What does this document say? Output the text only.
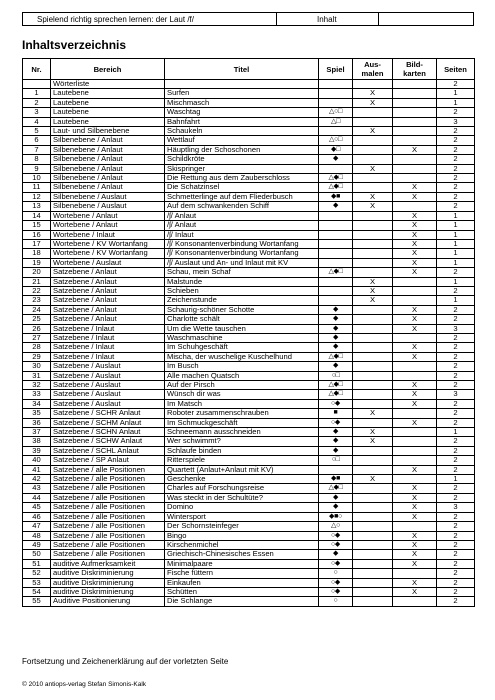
Spielend richtig sprechen lernen: der Laut /f/	Inhalt
Inhaltsverzeichnis
Nr.	Bereich	Titel	Spiel	Aus-
malen	Bild-
karten	Seiten
	Wörterliste					2
1	Lautebene	Surfen		X		1
2	Lautebene	Mischmasch		X		1
3	Lautebene	Waschtag	△○□			2
4	Lautebene	Bahnfahrt	△□			3
5	Laut- und Silbenebene	Schaukeln		X		2
6	Silbenebene / Anlaut	Wettlauf	△○□			2
7	Silbenebene / Anlaut	Häuptling der Schoschonen	◆□		X	2
8	Silbenebene / Anlaut	Schildkröte	◆			2
9	Silbenebene / Anlaut	Skispringer		X		2
10	Silbenebene / Anlaut	Die Rettung aus dem Zauberschloss	△◆□			2
11	Silbenebene / Anlaut	Die Schatzinsel	△◆□		X	2
12	Silbenebene / Auslaut	Schmetterlinge auf dem Fliederbusch	◆■	X	X	2
13	Silbenebene / Auslaut	Auf dem schwankenden Schiff	◆	X		2
14	Wortebene / Anlaut	/ʃ/ Anlaut			X	1
15	Wortebene / Anlaut	/ʃ/ Anlaut			X	1
16	Wortebene / Inlaut	/ʃ/ Inlaut			X	1
17	Wortebene / KV Wortanfang	/ʃ/ Konsonantenverbindung Wortanfang			X	1
18	Wortebene / KV Wortanfang	/ʃ/ Konsonantenverbindung Wortanfang			X	1
19	Wortebene / Auslaut	/ʃ/ Auslaut und An- und Inlaut mit KV			X	1
20	Satzebene / Anlaut	Schau, mein Schaf	△◆□		X	2
21	Satzebene / Anlaut	Malstunde		X		1
22	Satzebene / Anlaut	Schieben		X		2
23	Satzebene / Anlaut	Zeichenstunde		X		1
24	Satzebene / Anlaut	Schaurig-schöner Schotte	◆		X	2
25	Satzebene / Anlaut	Charlotte schält	◆		X	2
26	Satzebene / Inlaut	Um die Wette tauschen	◆		X	3
27	Satzebene / Inlaut	Waschmaschine	◆			2
28	Satzebene / Inlaut	Im Schuhgeschäft	◆		X	2
29	Satzebene / Inlaut	Mischa, der wuschelige Kuschelhund	△◆□		X	2
30	Satzebene / Auslaut	Im Busch	◆			2
31	Satzebene / Auslaut	Alle machen Quatsch	○□			2
32	Satzebene / Auslaut	Auf der Pirsch	△◆□		X	2
33	Satzebene / Auslaut	Wünsch dir was	△◆□		X	3
34	Satzebene / Auslaut	Im Matsch	○◆		X	2
35	Satzebene / SCHR Anlaut	Roboter zusammenschrauben	■	X		2
36	Satzebene / SCHM Anlaut	Im Schmuckgeschäft	○◆		X	2
37	Satzebene / SCHN Anlaut	Schneemann ausschneiden	◆	X		1
38	Satzebene / SCHW Anlaut	Wer schwimmt?	◆	X		2
39	Satzebene / SCHL Anlaut	Schlaufe binden	◆			2
40	Satzebene / SP Anlaut	Ritterspiele	○□			2
41	Satzebene / alle Positionen	Quartett (Anlaut+Anlaut mit KV)			X	2
42	Satzebene / alle Positionen	Geschenke	◆■	X		1
43	Satzebene / alle Positionen	Charles auf Forschungsreise	△◆□		X	2
44	Satzebene / alle Positionen	Was steckt in der Schultüte?	◆		X	2
45	Satzebene / alle Positionen	Domino	◆		X	3
46	Satzebene / alle Positionen	Wintersport	◆■○		X	2
47	Satzebene / alle Positionen	Der Schornsteinfeger	△○			2
48	Satzebene / alle Positionen	Bingo	○◆		X	2
49	Satzebene / alle Positionen	Kirschenmichel	○◆		X	2
50	Satzebene / alle Positionen	Griechisch-Chinesisches Essen	◆		X	2
51	auditive Aufmerksamkeit	Minimalpaare	○◆		X	2
52	auditive Diskriminierung	Fische füttern	○			2
53	auditive Diskriminierung	Einkaufen	○◆		X	2
54	auditive Diskriminierung	Schütten	○◆		X	2
55	Auditive Positionierung	Die Schlange	○			2
Fortsetzung und Zeichenerklärung auf der vorletzten Seite
© 2010 antiops-verlag Stefan Simonis-Kalk
